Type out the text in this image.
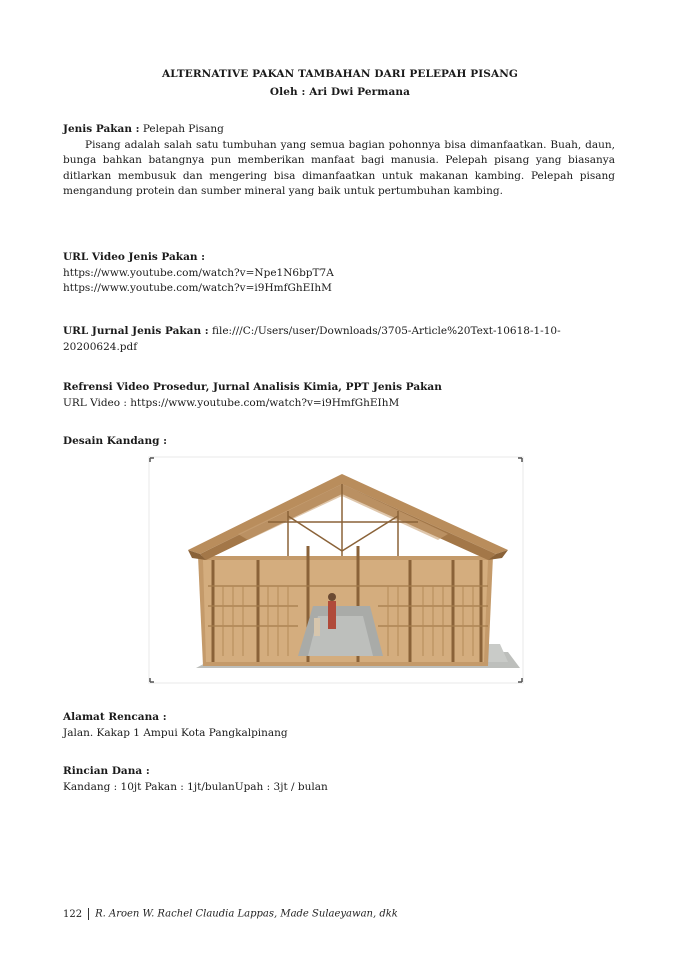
ALTERNATIVE PAKAN TAMBAHAN DARI PELEPAH PISANG
Oleh : Ari Dwi Permana
Jenis Pakan : Pelepah Pisang

Pisang adalah salah satu tumbuhan yang semua bagian pohonnya bisa dimanfaatkan. Buah, daun, bunga bahkan batangnya pun memberikan manfaat bagi manusia. Pelepah pisang yang biasanya ditlarkan membusuk dan mengering bisa dimanfaatkan untuk makanan kambing. Pelepah pisang mengandung protein dan sumber mineral yang baik untuk pertumbuhan kambing.

URL Video Jenis Pakan :
https://www.youtube.com/watch?v=Npe1N6bpT7A
https://www.youtube.com/watch?v=i9HmfGhEIhM
URL Jurnal Jenis Pakan : file:///C:/Users/user/Downloads/3705-Article%20Text-10618-1-10-20200624.pdf
Refrensi Video Prosedur, Jurnal Analisis Kimia, PPT Jenis Pakan
URL Video : https://www.youtube.com/watch?v=i9HmfGhEIhM
Desain Kandang :
Alamat Rencana :
Jalan. Kakap 1 Ampui Kota Pangkalpinang
Rincian Dana :
Kandang : 10jt Pakan : 1jt/bulanUpah : 3jt / bulan
122 R. Aroen W. Rachel Claudia Lappas, Made Sulaeyawan, dkk
